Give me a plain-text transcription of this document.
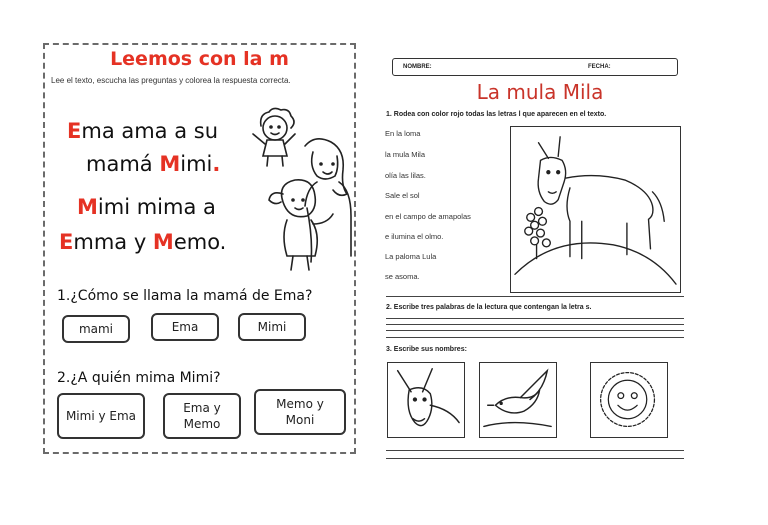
Leemos con la m
Lee el texto, escucha las preguntas y colorea la respuesta correcta.
Ema ama a su
mamá Mimi.
Mimi mima a
Emma y Memo.
1.¿Cómo se llama la mamá de Ema?
mami	Ema	Mimi
2.¿A quién mima Mimi?
Mimi y Ema
Ema y Memo
Memo y Moni
NOMBRE:	FECHA:
La mula Mila
1. Rodea con color rojo todas las letras l que aparecen en el texto.
En la loma
la mula Mila
olía las lilas.
Sale el sol
en el campo de amapolas
e ilumina el olmo.
La paloma Lula
se asoma.
2. Escribe tres palabras de la lectura que contengan la letra s.
3. Escribe sus nombres:
